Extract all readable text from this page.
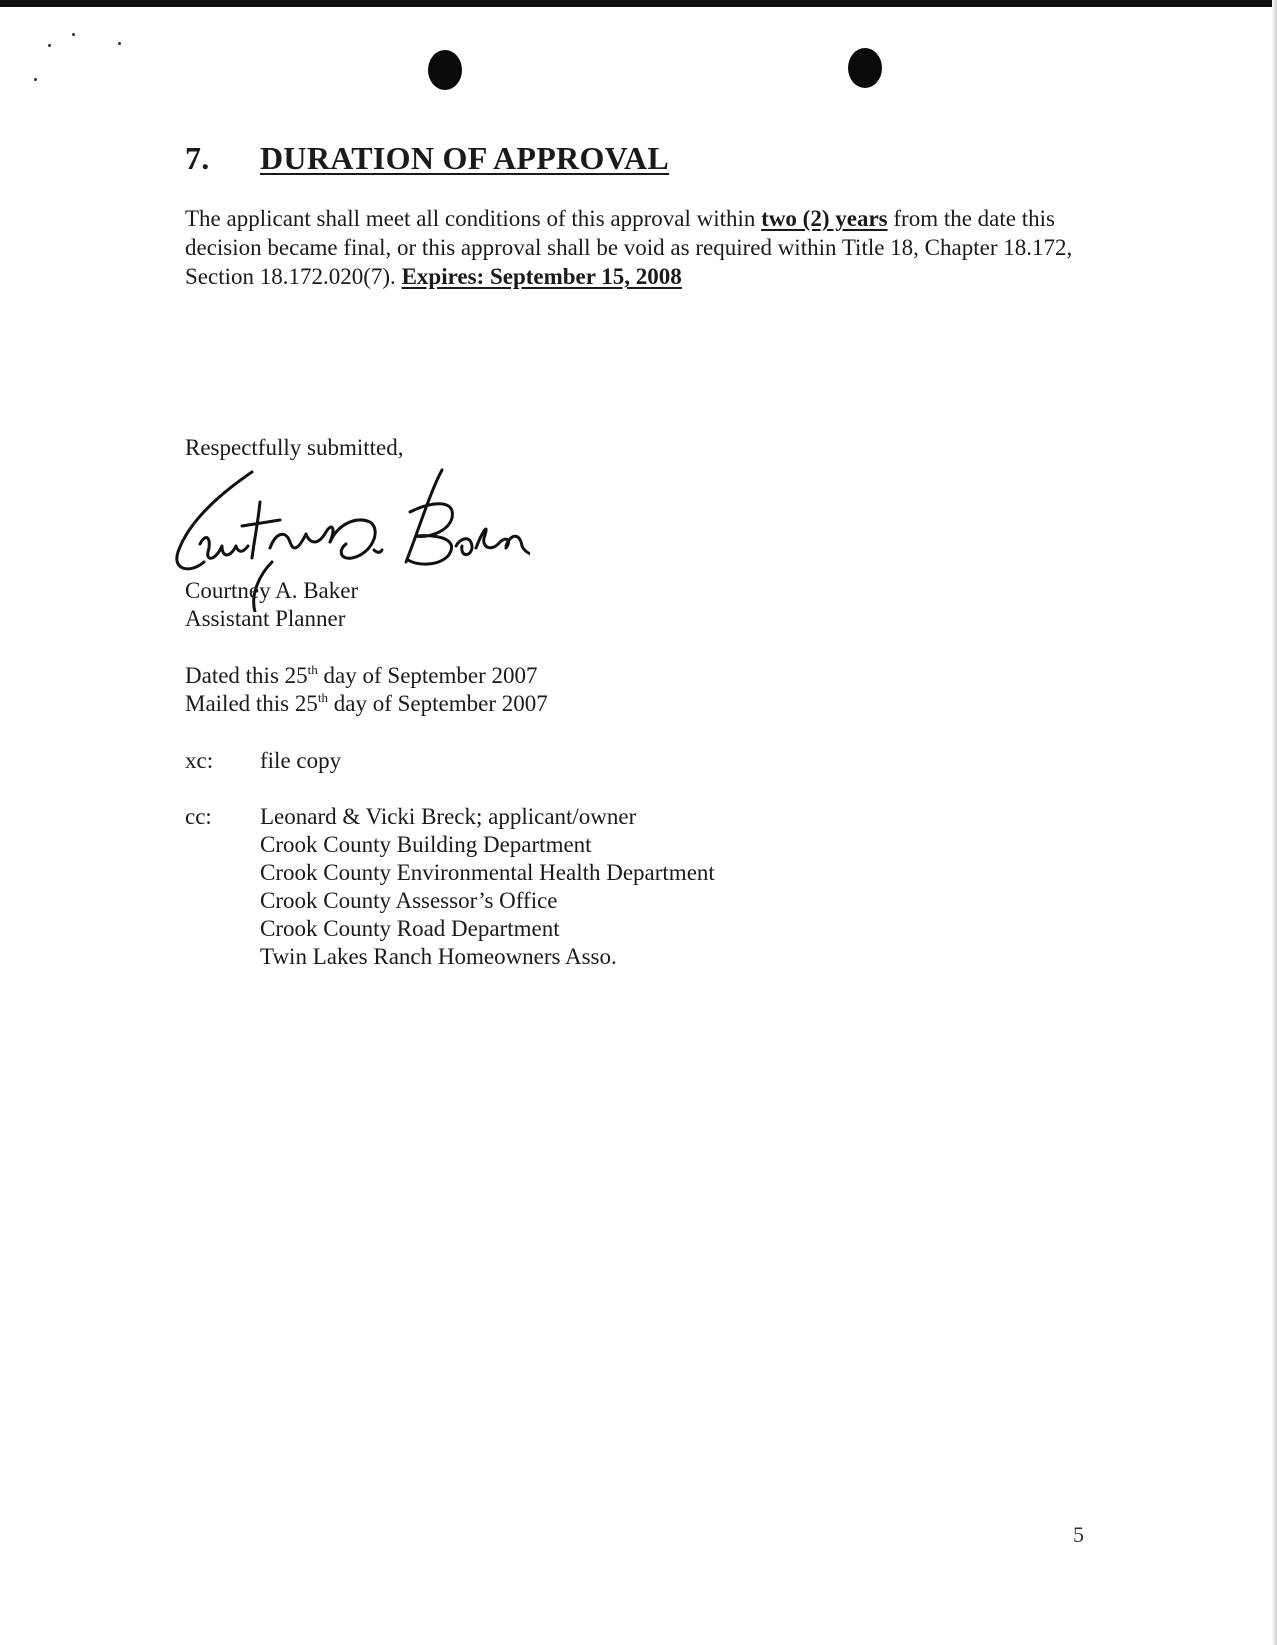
7. DURATION OF APPROVAL
The applicant shall meet all conditions of this approval within two (2) years from the date this decision became final, or this approval shall be void as required within Title 18, Chapter 18.172, Section 18.172.020(7). Expires: September 15, 2008
Respectfully submitted,
Courtney A. Baker
Assistant Planner
Dated this 25th day of September 2007
Mailed this 25th day of September 2007
xc: file copy
cc: Leonard & Vicki Breck; applicant/owner
Crook County Building Department
Crook County Environmental Health Department
Crook County Assessor’s Office
Crook County Road Department
Twin Lakes Ranch Homeowners Asso.
5
